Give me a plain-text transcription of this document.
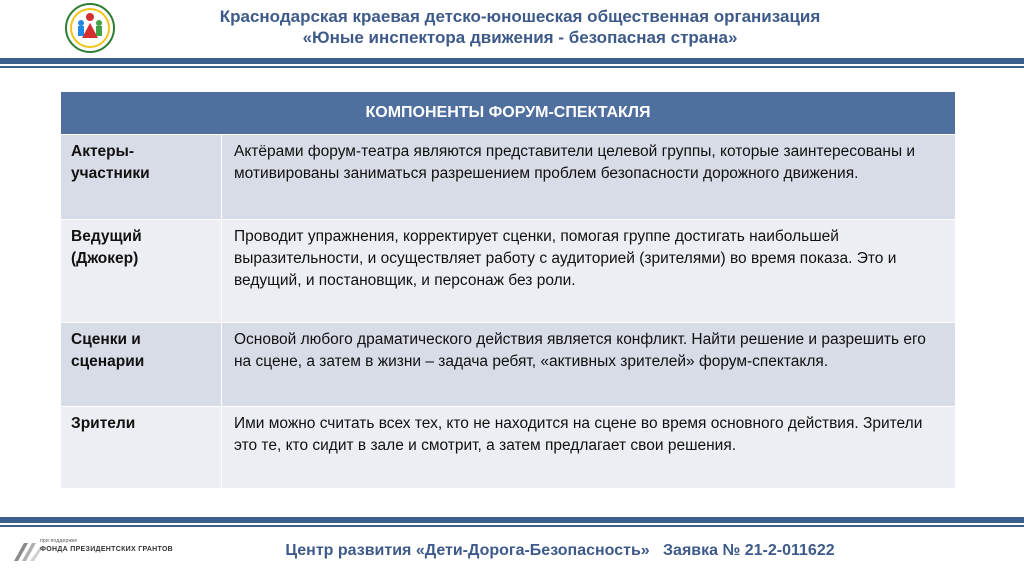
Краснодарская краевая детско-юношеская общественная организация
«Юные инспектора движения - безопасная страна»
КОМПОНЕНТЫ ФОРУМ-СПЕКТАКЛЯ	
Актеры-участники	Актёрами форум-театра являются представители целевой группы, которые заинтересованы и мотивированы заниматься разрешением проблем безопасности дорожного движения.
Ведущий (Джокер)	Проводит упражнения, корректирует сценки, помогая группе достигать наибольшей выразительности, и осуществляет работу с аудиторией (зрителями) во время показа. Это и ведущий, и постановщик, и персонаж без роли.
Сценки и сценарии	Основой любого драматического действия является конфликт. Найти решение и разрешить его на сцене, а затем в жизни – задача ребят, «активных зрителей» форум-спектакля.
Зрители	Ими можно считать всех тех, кто не находится на сцене во время основного действия. Зрители это те, кто сидит в зале и смотрит, а затем предлагает свои решения.
при поддержке
ФОНДА ПРЕЗИДЕНТСКИХ ГРАНТОВ	Центр развития «Дети-Дорога-Безопасность»   Заявка № 21-2-011622
